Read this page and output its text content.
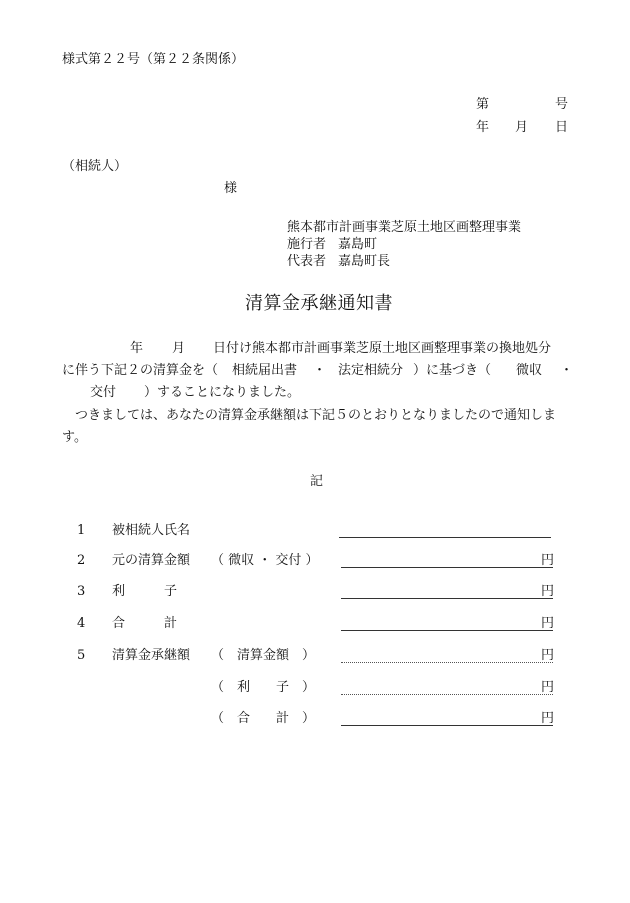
様式第２２号（第２２条関係）
第	号
年 月 日
（相続人）
様
熊本都市計画事業芝原土地区画整理事業
施行者 嘉島町
代表者 嘉島町長
清算金承継通知書
年 月 日付け熊本都市計画事業芝原土地区画整理事業の換地処分
に伴う下記２の清算金を（ 相続届出書 ・ 法定相続分 ）に基づき（ 微収 ・
交付 ）することになりました。
つきましては、あなたの清算金承継額は下記５のとおりとなりましたので通知しま
す。
記
1 被相続人氏名
2 元の清算金額 （ 微収 ・ 交付 ）	円
3 利　　　子	円
4 合　　　計	円
5 清算金承継額 （　清算金額　）	円
（　利　　子　）	円
（　合　　計　）	円
